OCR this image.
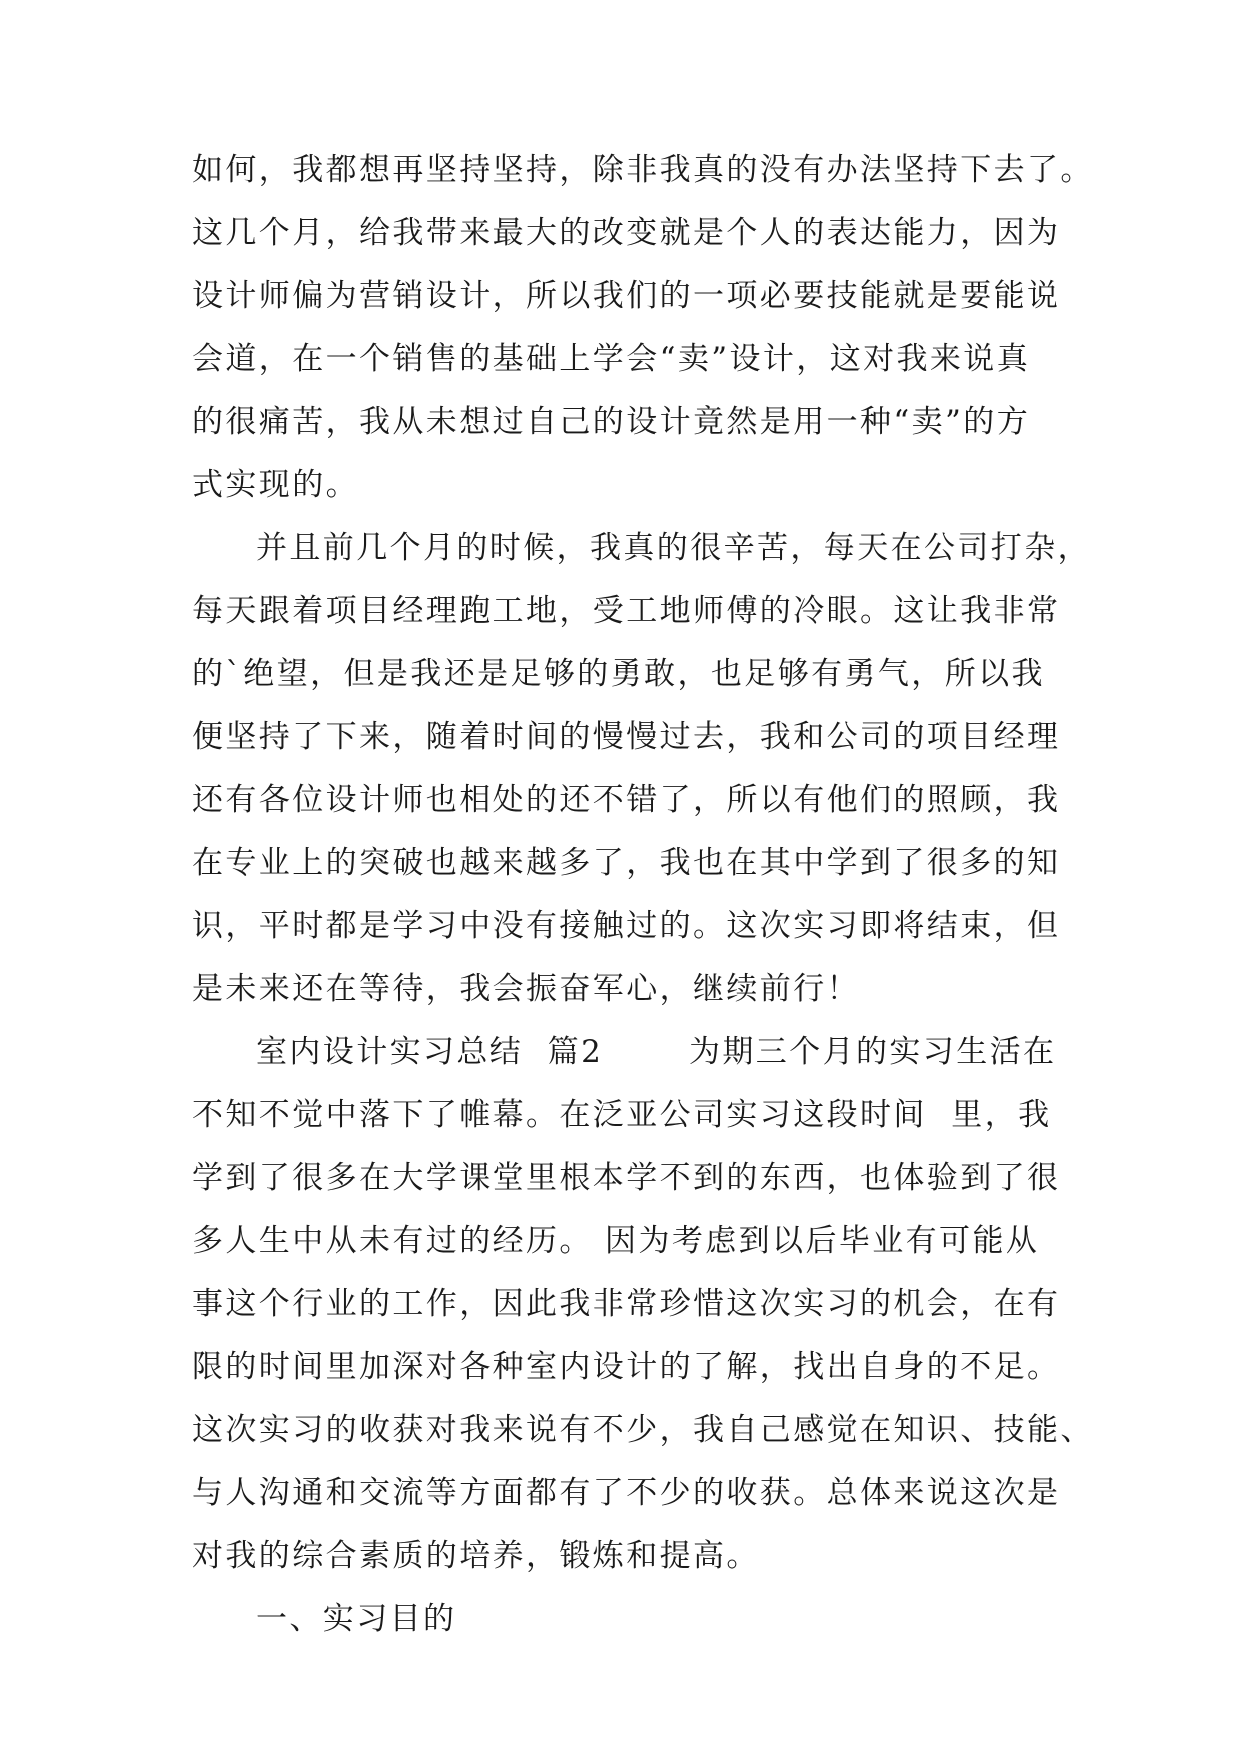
如何，我都想再坚持坚持，除非我真的没有办法坚持下去了。
这几个月，给我带来最大的改变就是个人的表达能力，因为
设计师偏为营销设计，所以我们的一项必要技能就是要能说
会道，在一个销售的基础上学会“卖”设计，这对我来说真
的很痛苦，我从未想过自己的设计竟然是用一种“卖”的方
式实现的。
并且前几个月的时候，我真的很辛苦，每天在公司打杂，
每天跟着项目经理跑工地，受工地师傅的冷眼。这让我非常
的`绝望，但是我还是足够的勇敢，也足够有勇气，所以我
便坚持了下来，随着时间的慢慢过去，我和公司的项目经理
还有各位设计师也相处的还不错了，所以有他们的照顾，我
在专业上的突破也越来越多了，我也在其中学到了很多的知
识，平时都是学习中没有接触过的。这次实习即将结束，但
是未来还在等待，我会振奋军心，继续前行！
室内设计实习总结  篇2       为期三个月的实习生活在
不知不觉中落下了帷幕。在泛亚公司实习这段时间  里，我
学到了很多在大学课堂里根本学不到的东西，也体验到了很
多人生中从未有过的经历。 因为考虑到以后毕业有可能从
事这个行业的工作，因此我非常珍惜这次实习的机会，在有
限的时间里加深对各种室内设计的了解，找出自身的不足。
这次实习的收获对我来说有不少，我自己感觉在知识、技能、
与人沟通和交流等方面都有了不少的收获。总体来说这次是
对我的综合素质的培养，锻炼和提高。
一、实习目的
